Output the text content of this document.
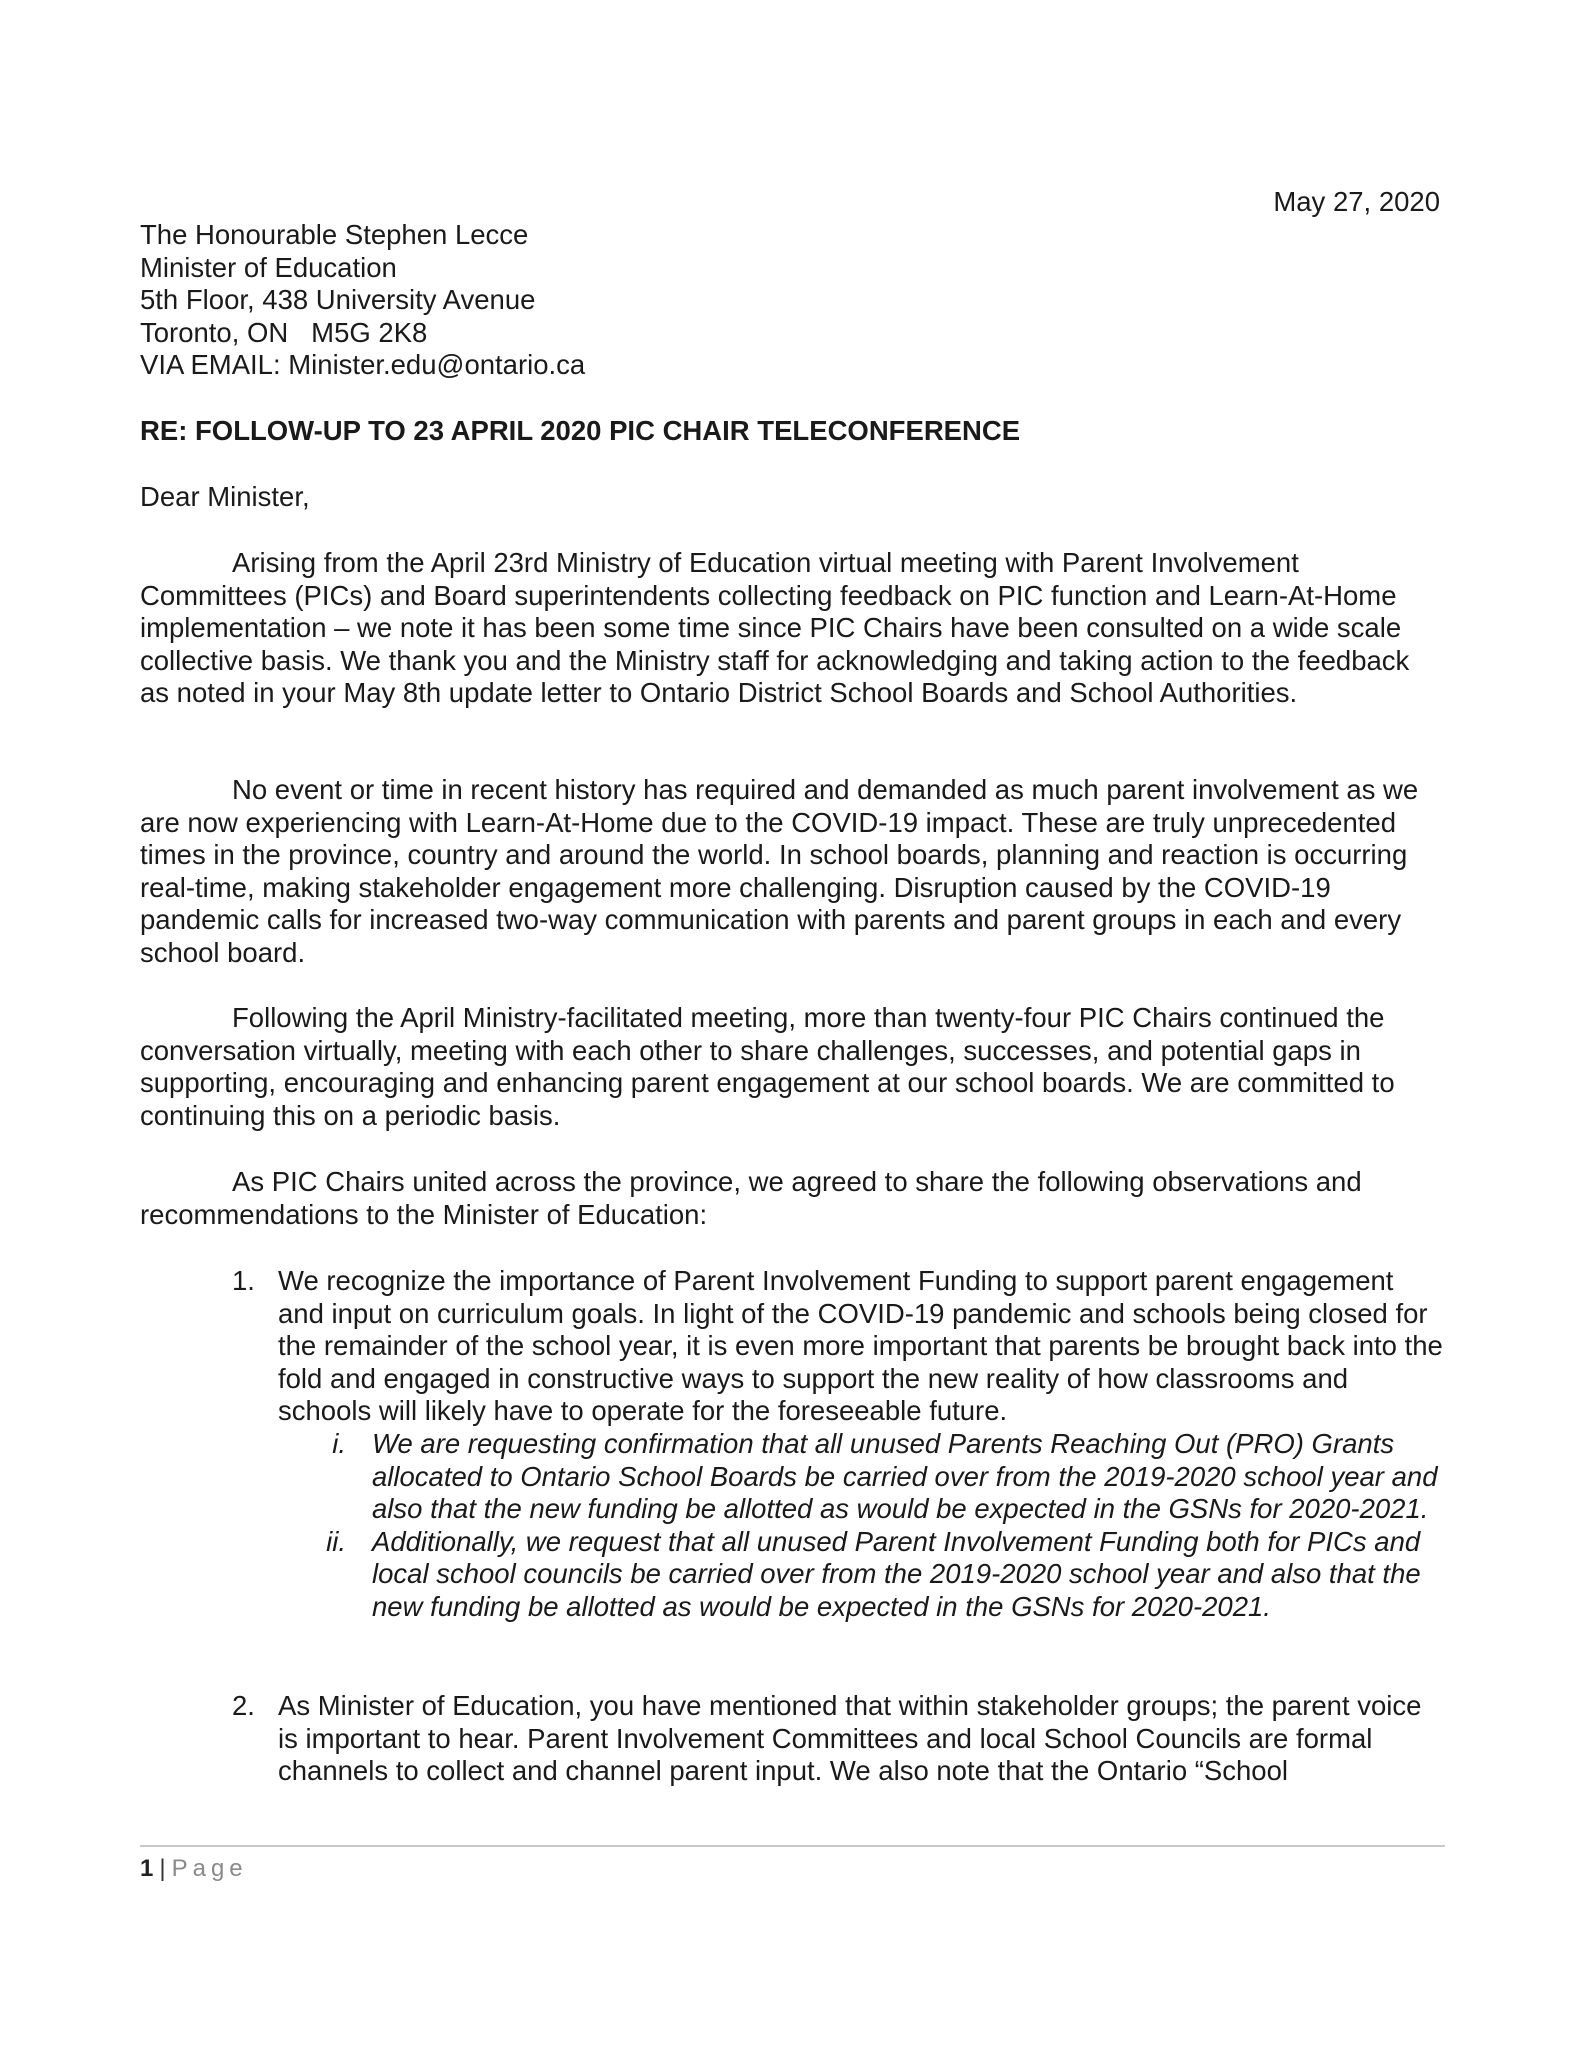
May 27, 2020
The Honourable Stephen Lecce
Minister of Education
5th Floor, 438 University Avenue
Toronto, ON   M5G 2K8
VIA EMAIL: Minister.edu@ontario.ca
RE: FOLLOW-UP TO 23 APRIL 2020 PIC CHAIR TELECONFERENCE
Dear Minister,

Arising from the April 23rd Ministry of Education virtual meeting with Parent Involvement Committees (PICs) and Board superintendents collecting feedback on PIC function and Learn-At-Home implementation – we note it has been some time since PIC Chairs have been consulted on a wide scale collective basis. We thank you and the Ministry staff for acknowledging and taking action to the feedback as noted in your May 8th update letter to Ontario District School Boards and School Authorities.

No event or time in recent history has required and demanded as much parent involvement as we are now experiencing with Learn-At-Home due to the COVID-19 impact. These are truly unprecedented times in the province, country and around the world. In school boards, planning and reaction is occurring real-time, making stakeholder engagement more challenging. Disruption caused by the COVID-19 pandemic calls for increased two-way communication with parents and parent groups in each and every school board.

Following the April Ministry-facilitated meeting, more than twenty-four PIC Chairs continued the conversation virtually, meeting with each other to share challenges, successes, and potential gaps in supporting, encouraging and enhancing parent engagement at our school boards. We are committed to continuing this on a periodic basis.

As PIC Chairs united across the province, we agreed to share the following observations and recommendations to the Minister of Education:

1. We recognize the importance of Parent Involvement Funding to support parent engagement and input on curriculum goals. In light of the COVID-19 pandemic and schools being closed for the remainder of the school year, it is even more important that parents be brought back into the fold and engaged in constructive ways to support the new reality of how classrooms and schools will likely have to operate for the foreseeable future.
i. We are requesting confirmation that all unused Parents Reaching Out (PRO) Grants allocated to Ontario School Boards be carried over from the 2019-2020 school year and also that the new funding be allotted as would be expected in the GSNs for 2020-2021.
ii. Additionally, we request that all unused Parent Involvement Funding both for PICs and local school councils be carried over from the 2019-2020 school year and also that the new funding be allotted as would be expected in the GSNs for 2020-2021.
2. As Minister of Education, you have mentioned that within stakeholder groups; the parent voice is important to hear. Parent Involvement Committees and local School Councils are formal channels to collect and channel parent input. We also note that the Ontario “School
1 | Page
